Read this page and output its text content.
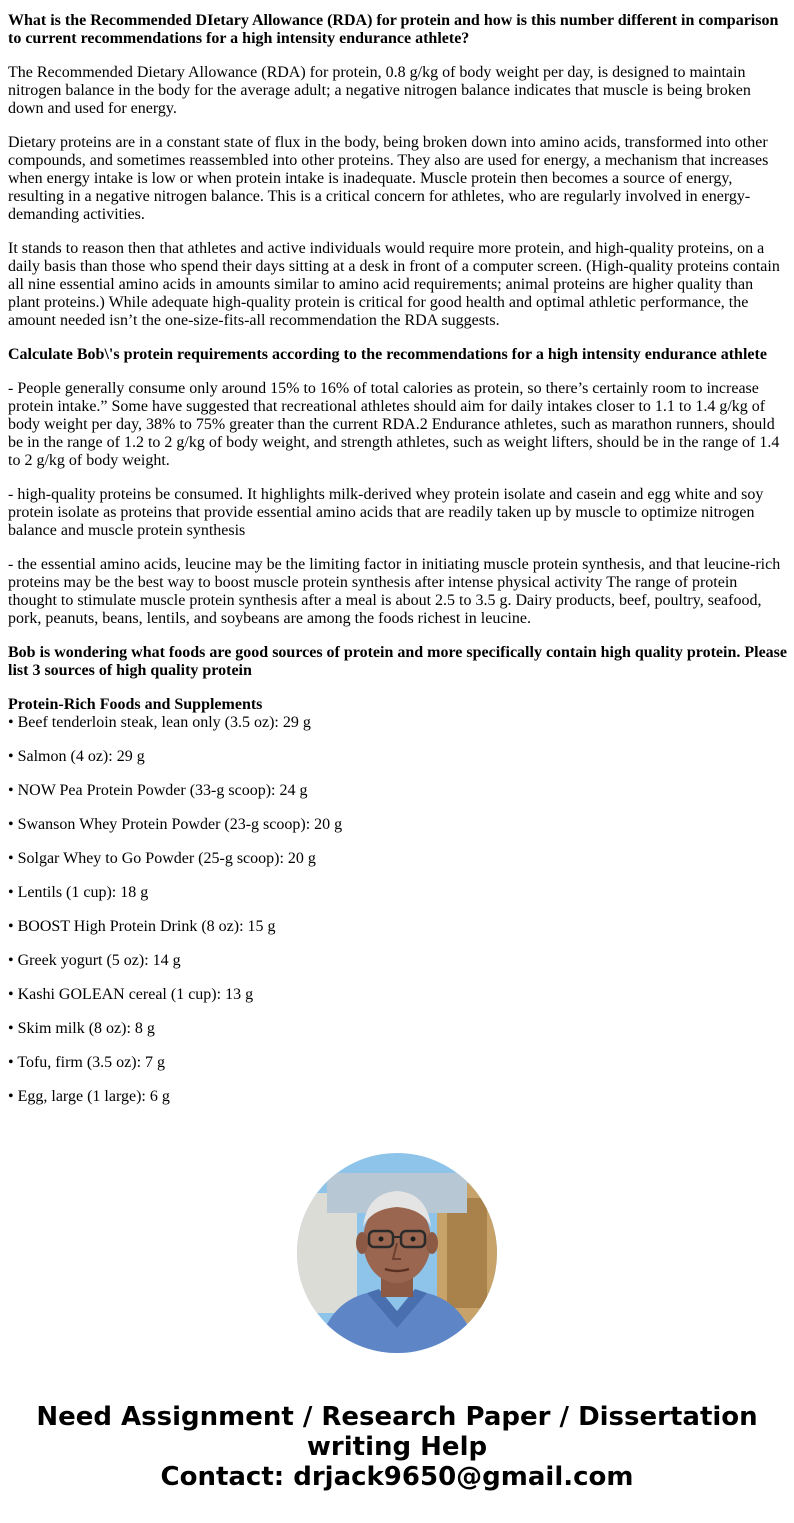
What is the Recommended DIetary Allowance (RDA) for protein and how is this number different in comparison to current recommendations for a high intensity endurance athlete?

The Recommended Dietary Allowance (RDA) for protein, 0.8 g/kg of body weight per day, is designed to maintain nitrogen balance in the body for the average adult; a negative nitrogen balance indicates that muscle is being broken down and used for energy.

Dietary proteins are in a constant state of flux in the body, being broken down into amino acids, transformed into other compounds, and sometimes reassembled into other proteins. They also are used for energy, a mechanism that increases when energy intake is low or when protein intake is inadequate. Muscle protein then becomes a source of energy, resulting in a negative nitrogen balance. This is a critical concern for athletes, who are regularly involved in energy-demanding activities.

It stands to reason then that athletes and active individuals would require more protein, and high-quality proteins, on a daily basis than those who spend their days sitting at a desk in front of a computer screen. (High-quality proteins contain all nine essential amino acids in amounts similar to amino acid requirements; animal proteins are higher quality than plant proteins.) While adequate high-quality protein is critical for good health and optimal athletic performance, the amount needed isn’t the one-size-fits-all recommendation the RDA suggests.

Calculate Bob\'s protein requirements according to the recommendations for a high intensity endurance athlete

- People generally consume only around 15% to 16% of total calories as protein, so there’s certainly room to increase protein intake.” Some have suggested that recreational athletes should aim for daily intakes closer to 1.1 to 1.4 g/kg of body weight per day, 38% to 75% greater than the current RDA.2 Endurance athletes, such as marathon runners, should be in the range of 1.2 to 2 g/kg of body weight, and strength athletes, such as weight lifters, should be in the range of 1.4 to 2 g/kg of body weight.

- high-quality proteins be consumed. It highlights milk-derived whey protein isolate and casein and egg white and soy protein isolate as proteins that provide essential amino acids that are readily taken up by muscle to optimize nitrogen balance and muscle protein synthesis

- the essential amino acids, leucine may be the limiting factor in initiating muscle protein synthesis, and that leucine-rich proteins may be the best way to boost muscle protein synthesis after intense physical activity The range of protein thought to stimulate muscle protein synthesis after a meal is about 2.5 to 3.5 g. Dairy products, beef, poultry, seafood, pork, peanuts, beans, lentils, and soybeans are among the foods richest in leucine.

Bob is wondering what foods are good sources of protein and more specifically contain high quality protein. Please list 3 sources of high quality protein

Protein-Rich Foods and Supplements
• Beef tenderloin steak, lean only (3.5 oz): 29 g
• Salmon (4 oz): 29 g
• NOW Pea Protein Powder (33-g scoop): 24 g
• Swanson Whey Protein Powder (23-g scoop): 20 g
• Solgar Whey to Go Powder (25-g scoop): 20 g
• Lentils (1 cup): 18 g
• BOOST High Protein Drink (8 oz): 15 g
• Greek yogurt (5 oz): 14 g
• Kashi GOLEAN cereal (1 cup): 13 g
• Skim milk (8 oz): 8 g
• Tofu, firm (3.5 oz): 7 g
• Egg, large (1 large): 6 g
Need Assignment / Research Paper / Dissertation
writing Help
Contact: drjack9650@gmail.com
